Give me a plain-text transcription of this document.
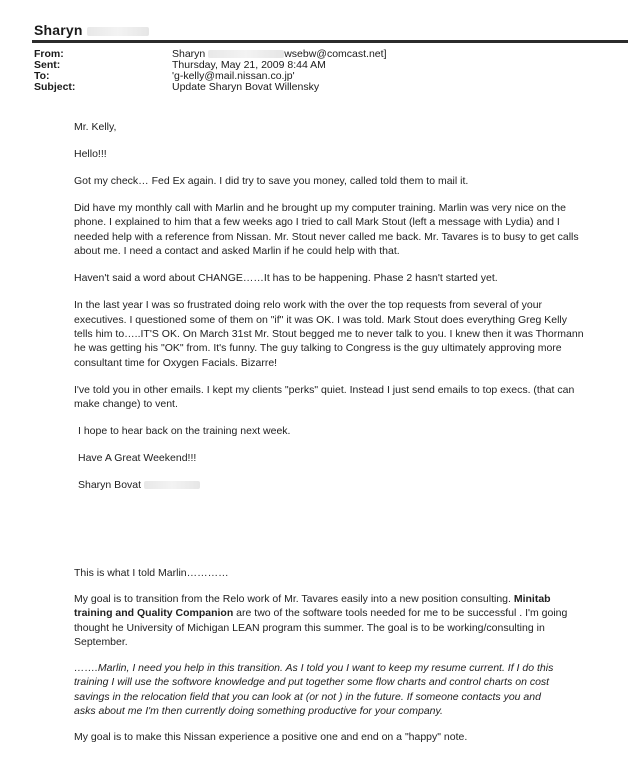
Sharyn
From:	Sharyn	wsebw@comcast.net]
Sent:	Thursday, May 21, 2009 8:44 AM
To:	'g-kelly@mail.nissan.co.jp'
Subject:	Update Sharyn Bovat Willensky
Mr. Kelly,
Hello!!!
Got my check… Fed Ex again. I did try to save you money, called told them to mail it.
Did have my monthly call with Marlin and he brought up my computer training. Marlin was very nice on the
phone. I explained to him that a few weeks ago I tried to call Mark Stout (left a message with Lydia) and I
needed help with a reference from Nissan. Mr. Stout never called me back. Mr. Tavares is to busy to get calls
about me. I need a contact and asked Marlin if he could help with that.
Haven't said a word about CHANGE……It has to be happening. Phase 2 hasn't started yet.
In the last year I was so frustrated doing relo work with the over the top requests from several of your
executives. I questioned some of them on "if" it was OK. I was told. Mark Stout does everything Greg Kelly
tells him to…..IT'S OK. On March 31st Mr. Stout begged me to never talk to you. I knew then it was Thormann
he was getting his "OK" from. It's funny. The guy talking to Congress is the guy ultimately approving more
consultant time for Oxygen Facials. Bizarre!
I've told you in other emails. I kept my clients "perks" quiet. Instead I just send emails to top execs. (that can
make change) to vent.
I hope to hear back on the training next week.
Have A Great Weekend!!!
Sharyn Bovat
This is what I told Marlin…………
My goal is to transition from the Relo work of Mr. Tavares easily into a new position consulting. Minitab
training and Quality Companion are two of the software tools needed for me to be successful . I'm going
thought he University of Michigan LEAN program this summer. The goal is to be working/consulting in
September.
…….Marlin, I need you help in this transition. As I told you I want to keep my resume current. If I do this
training I will use the softwore knowledge and put together some flow charts and control charts on cost
savings in the relocation field that you can look at (or not ) in the future. If someone contacts you and
asks about me I'm then currently doing something productive for your company.
My goal is to make this Nissan experience a positive one and end on a "happy" note.
